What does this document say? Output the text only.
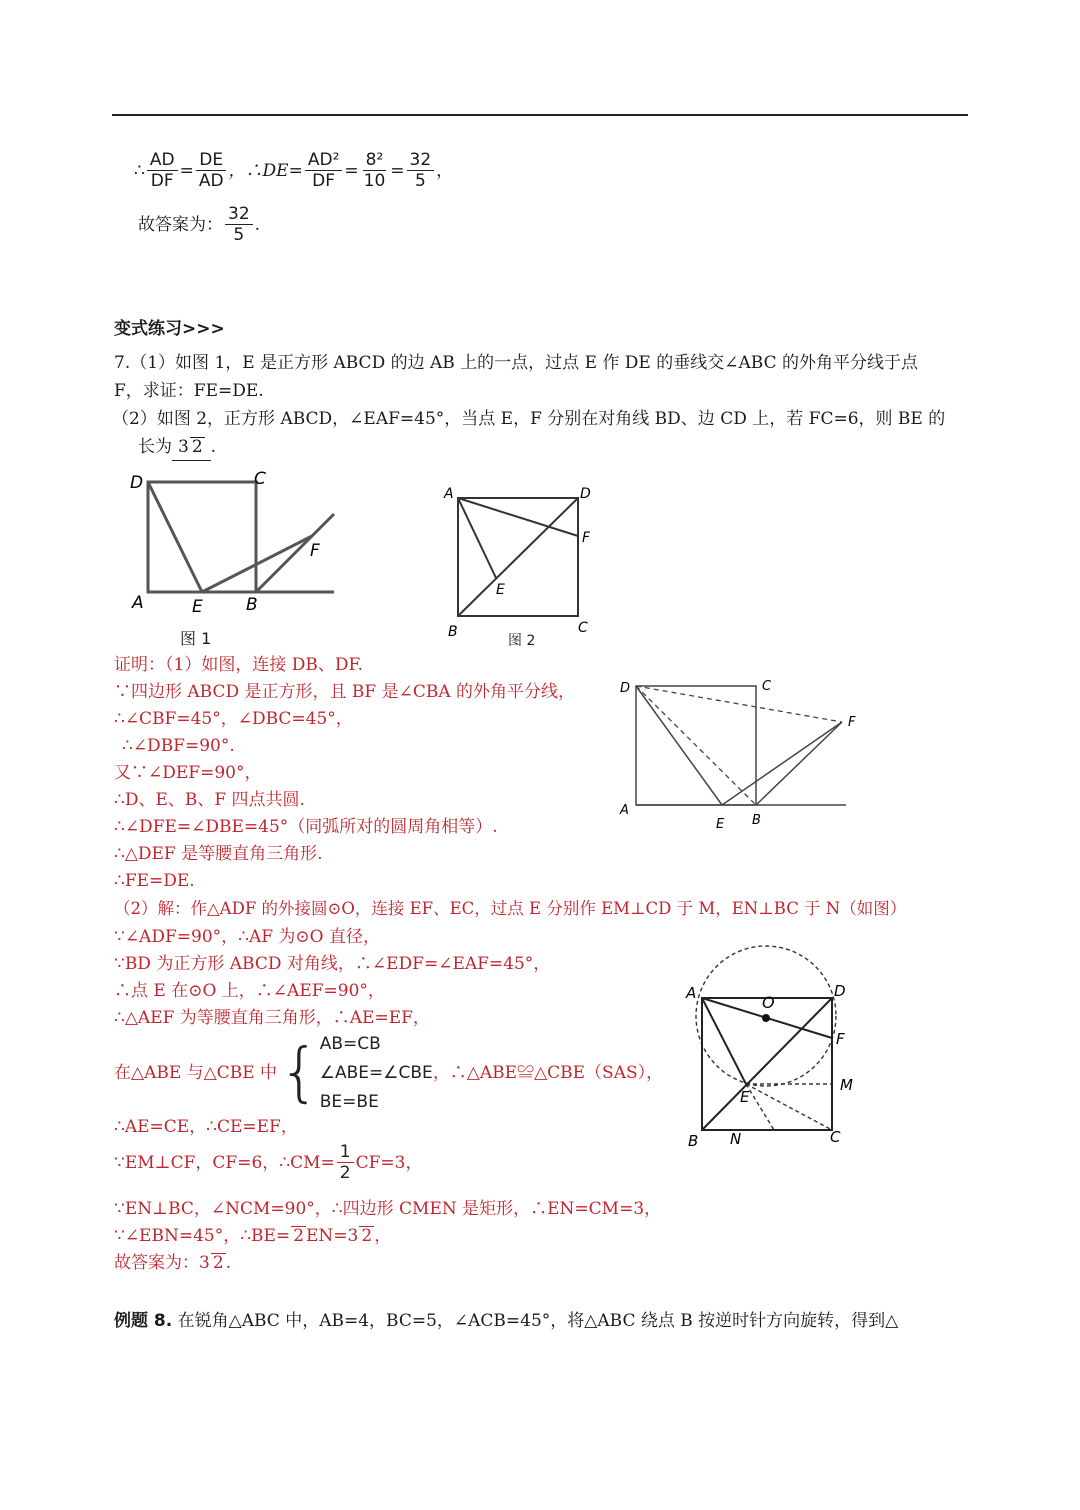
∴ $\frac{AD}{DF} = \frac{DE}{AD}$ ，∴DE= $\frac{\text{AD²}}{DF} = \frac{\text{8²}}{10} = \frac{32}{5}$ ，
故答案为： $\frac{32}{5}$ .
变式练习>>>
7.（1）如图 1，E 是正方形 ABCD 的边 AB 上的一点，过点 E 作 DE 的垂线交∠ABC 的外角平分线于点
F，求证：FE=DE.
（2）如图 2，正方形 ABCD，∠EAF=45°，当点 E，F 分别在对角线 BD、边 CD 上，若 FC=6，则 BE 的
长为 3 2 .
D	C
A	E	B
F
图 1
A	D
F
E
B	C
图 2
D	C
F
A
E B
证明：（1）如图，连接 DB、DF.
∵四边形 ABCD 是正方形，且 BF 是∠CBA 的外角平分线，
∴∠CBF=45°，∠DBC=45°，
∴∠DBF=90°.
又∵∠DEF=90°，
∴D、E、B、F 四点共圆.
∴∠DFE=∠DBE=45°（同弧所对的圆周角相等）.
∴△DEF 是等腰直角三角形.
∴FE=DE.
（2）解：作△ADF 的外接圆⊙O，连接 EF、EC，过点 E 分别作 EM⊥CD 于 M，EN⊥BC 于 N（如图）
∵∠ADF=90°，∴AF 为⊙O 直径，
∵BD 为正方形 ABCD 对角线，∴∠EDF=∠EAF=45°，
∴点 E 在⊙O 上，∴∠AEF=90°，
∴△AEF 为等腰直角三角形，∴AE=EF，
在△ABE 与△CBE 中 { AB=CB
∠ABE=∠CBE
BE=BE
，∴△ABE≌△CBE（SAS），
∴AE=CE，∴CE=EF，
∵EM⊥CF，CF=6，∴CM= $\frac{1}{2} CF=3$，
∵EN⊥BC，∠NCM=90°，∴四边形 CMEN 是矩形，∴EN=CM=3，
∵∠EBN=45°，∴BE= 2 EN=3 2 ，
故答案为：3 2 .
A	O
D
F
M
E
B N	C
例题 8. 在锐角△ABC 中，AB=4，BC=5，∠ACB=45°，将△ABC 绕点 B 按逆时针方向旋转，得到△
